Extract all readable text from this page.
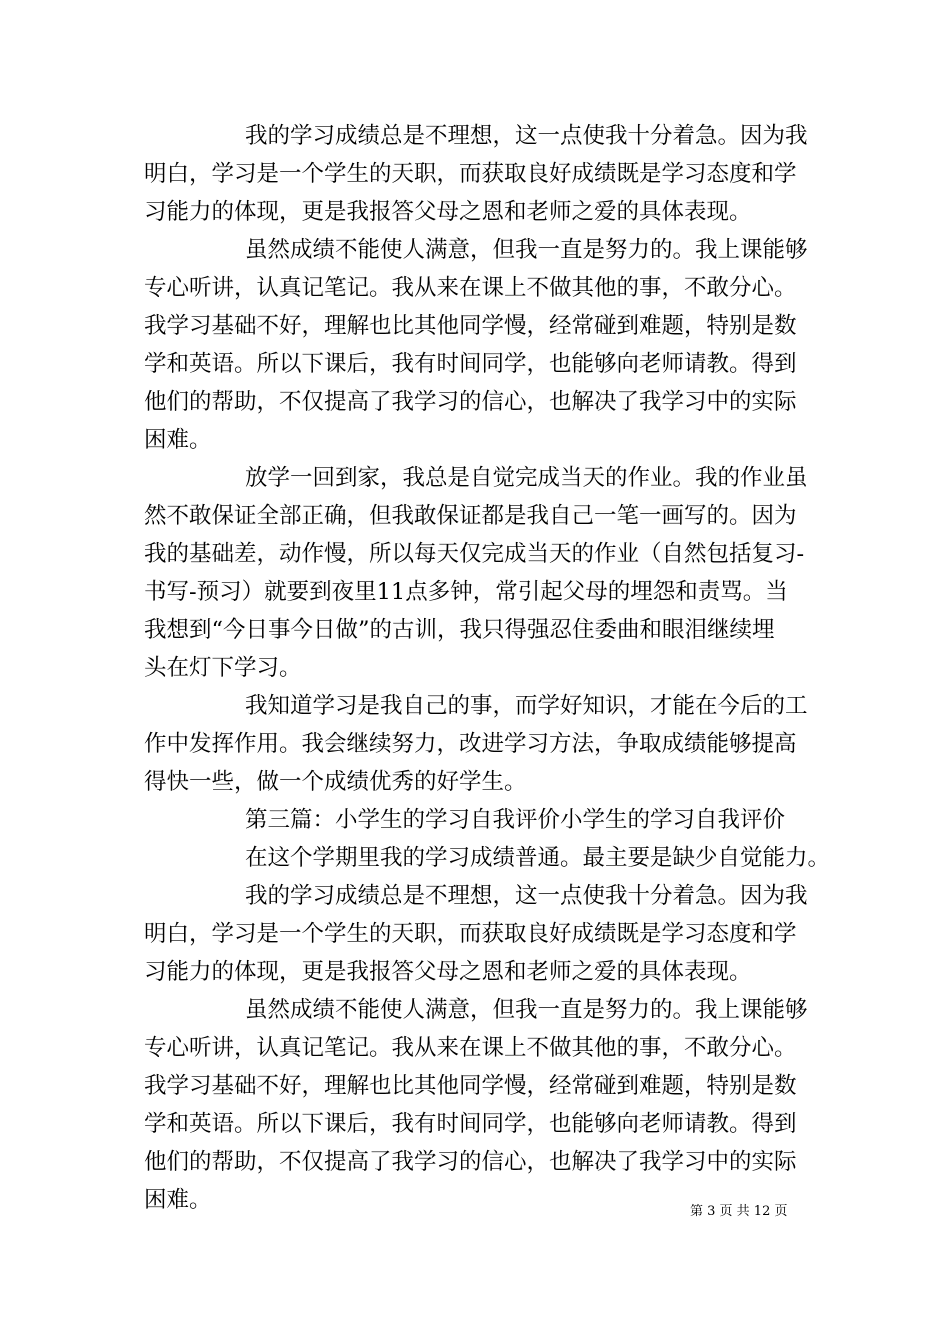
我的学习成绩总是不理想，这一点使我十分着急。因为我
明白，学习是一个学生的天职，而获取良好成绩既是学习态度和学
习能力的体现，更是我报答父母之恩和老师之爱的具体表现。
虽然成绩不能使人满意，但我一直是努力的。我上课能够
专心听讲，认真记笔记。我从来在课上不做其他的事，不敢分心。
我学习基础不好，理解也比其他同学慢，经常碰到难题，特别是数
学和英语。所以下课后，我有时间同学，也能够向老师请教。得到
他们的帮助，不仅提高了我学习的信心，也解决了我学习中的实际
困难。
放学一回到家，我总是自觉完成当天的作业。我的作业虽
然不敢保证全部正确，但我敢保证都是我自己一笔一画写的。因为
我的基础差，动作慢，所以每天仅完成当天的作业（自然包括复习-
书写-预习）就要到夜里11点多钟，常引起父母的埋怨和责骂。当
我想到“今日事今日做”的古训，我只得强忍住委曲和眼泪继续埋
头在灯下学习。
我知道学习是我自己的事，而学好知识，才能在今后的工
作中发挥作用。我会继续努力，改进学习方法，争取成绩能够提高
得快一些，做一个成绩优秀的好学生。
第三篇：小学生的学习自我评价小学生的学习自我评价
在这个学期里我的学习成绩普通。最主要是缺少自觉能力。
我的学习成绩总是不理想，这一点使我十分着急。因为我
明白，学习是一个学生的天职，而获取良好成绩既是学习态度和学
习能力的体现，更是我报答父母之恩和老师之爱的具体表现。
虽然成绩不能使人满意，但我一直是努力的。我上课能够
专心听讲，认真记笔记。我从来在课上不做其他的事，不敢分心。
我学习基础不好，理解也比其他同学慢，经常碰到难题，特别是数
学和英语。所以下课后，我有时间同学，也能够向老师请教。得到
他们的帮助，不仅提高了我学习的信心，也解决了我学习中的实际
困难。	第 3 页 共 12 页
